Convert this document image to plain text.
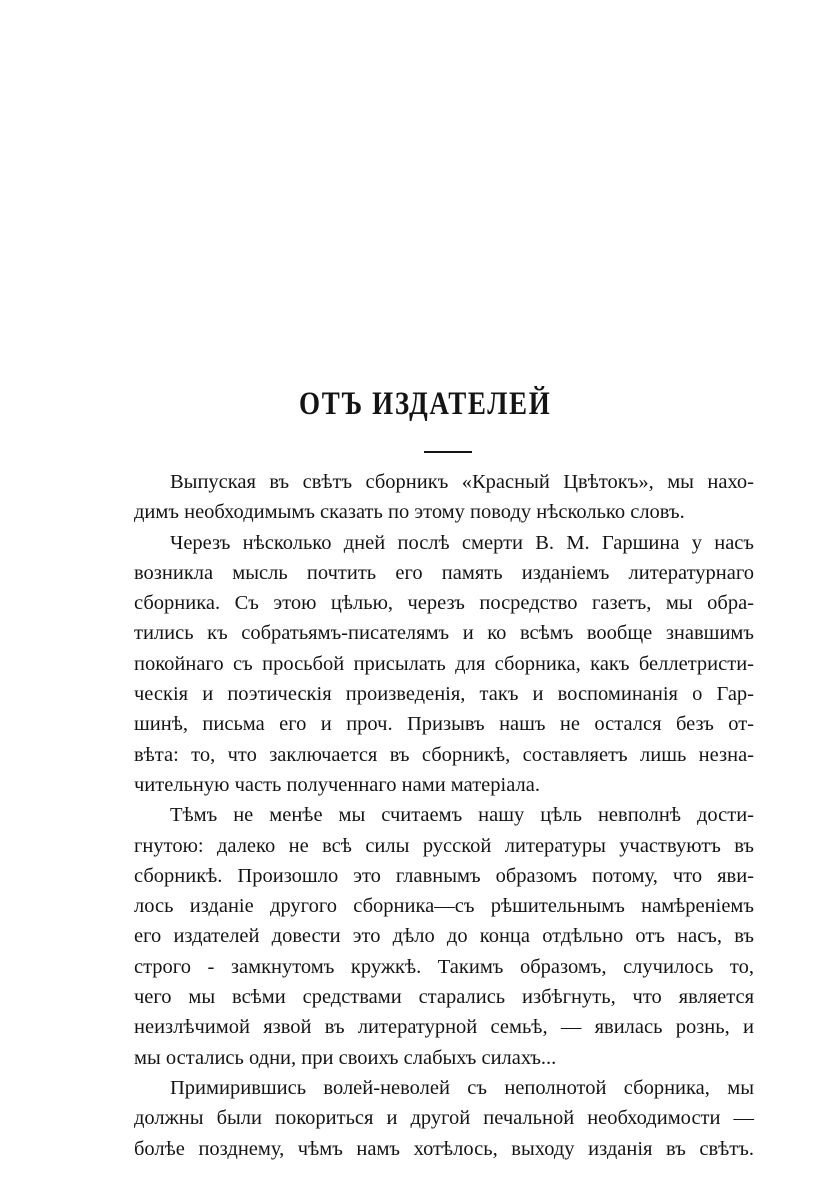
ОТЪ ИЗДАТЕЛЕЙ

Выпуская въ свѣтъ сборникъ «Красный Цвѣтокъ», мы нахо-
димъ необходимымъ сказать по этому поводу нѣсколько словъ.

Черезъ нѣсколько дней послѣ смерти В. М. Гаршина у насъ
возникла мысль почтить его память изданіемъ литературнаго
сборника. Съ этою цѣлью, черезъ посредство газетъ, мы обра-
тились къ собратьямъ-писателямъ и ко всѣмъ вообще знавшимъ
покойнаго съ просьбой присылать для сборника, какъ беллетристи-
ческія и поэтическія произведенія, такъ и воспоминанія о Гар-
шинѣ, письма его и проч. Призывъ нашъ не остался безъ от-
вѣта: то, что заключается въ сборникѣ, составляетъ лишь незна-
чительную часть полученнаго нами матеріала.

Тѣмъ не менѣе мы считаемъ нашу цѣль невполнѣ дости-
гнутою: далеко не всѣ силы русской литературы участвуютъ въ
сборникѣ. Произошло это главнымъ образомъ потому, что яви-
лось изданіе другого сборника—съ рѣшительнымъ намѣреніемъ
его издателей довести это дѣло до конца отдѣльно отъ насъ, въ
строго - замкнутомъ кружкѣ. Такимъ образомъ, случилось то,
чего мы всѣми средствами старались избѣгнуть, что является
неизлѣчимой язвой въ литературной семьѣ, — явилась рознь, и
мы остались одни, при своихъ слабыхъ силахъ...

Примирившись волей-неволей съ неполнотой сборника, мы
должны были покориться и другой печальной необходимости —
болѣе позднему, чѣмъ намъ хотѣлось, выходу изданія въ свѣтъ.
